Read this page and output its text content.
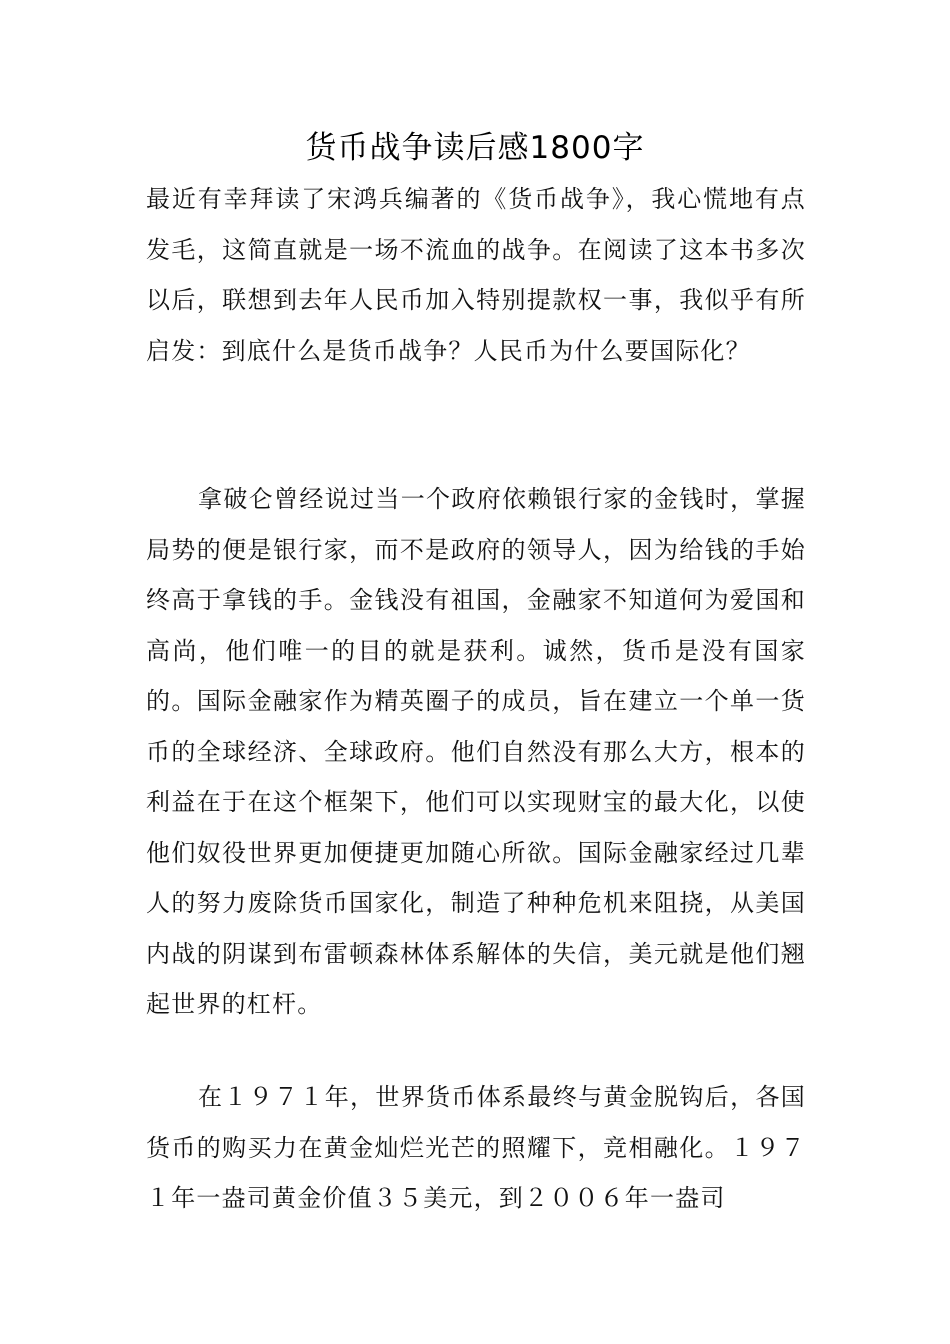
货币战争读后感1800字

最近有幸拜读了宋鸿兵编著的《货币战争》，我心慌地有点发毛，这简直就是一场不流血的战争。在阅读了这本书多次以后，联想到去年人民币加入特别提款权一事，我似乎有所启发：到底什么是货币战争？人民币为什么要国际化？

拿破仑曾经说过当一个政府依赖银行家的金钱时，掌握局势的便是银行家，而不是政府的领导人，因为给钱的手始终高于拿钱的手。金钱没有祖国，金融家不知道何为爱国和高尚，他们唯一的目的就是获利。诚然，货币是没有国家的。国际金融家作为精英圈子的成员，旨在建立一个单一货币的全球经济、全球政府。他们自然没有那么大方，根本的利益在于在这个框架下，他们可以实现财宝的最大化，以使他们奴役世界更加便捷更加随心所欲。国际金融家经过几辈人的努力废除货币国家化，制造了种种危机来阻挠，从美国内战的阴谋到布雷顿森林体系解体的失信，美元就是他们翘起世界的杠杆。

在１９７１年，世界货币体系最终与黄金脱钩后，各国货币的购买力在黄金灿烂光芒的照耀下，竞相融化。１９７１年一盎司黄金价值３５美元，到２００６年一盎司
